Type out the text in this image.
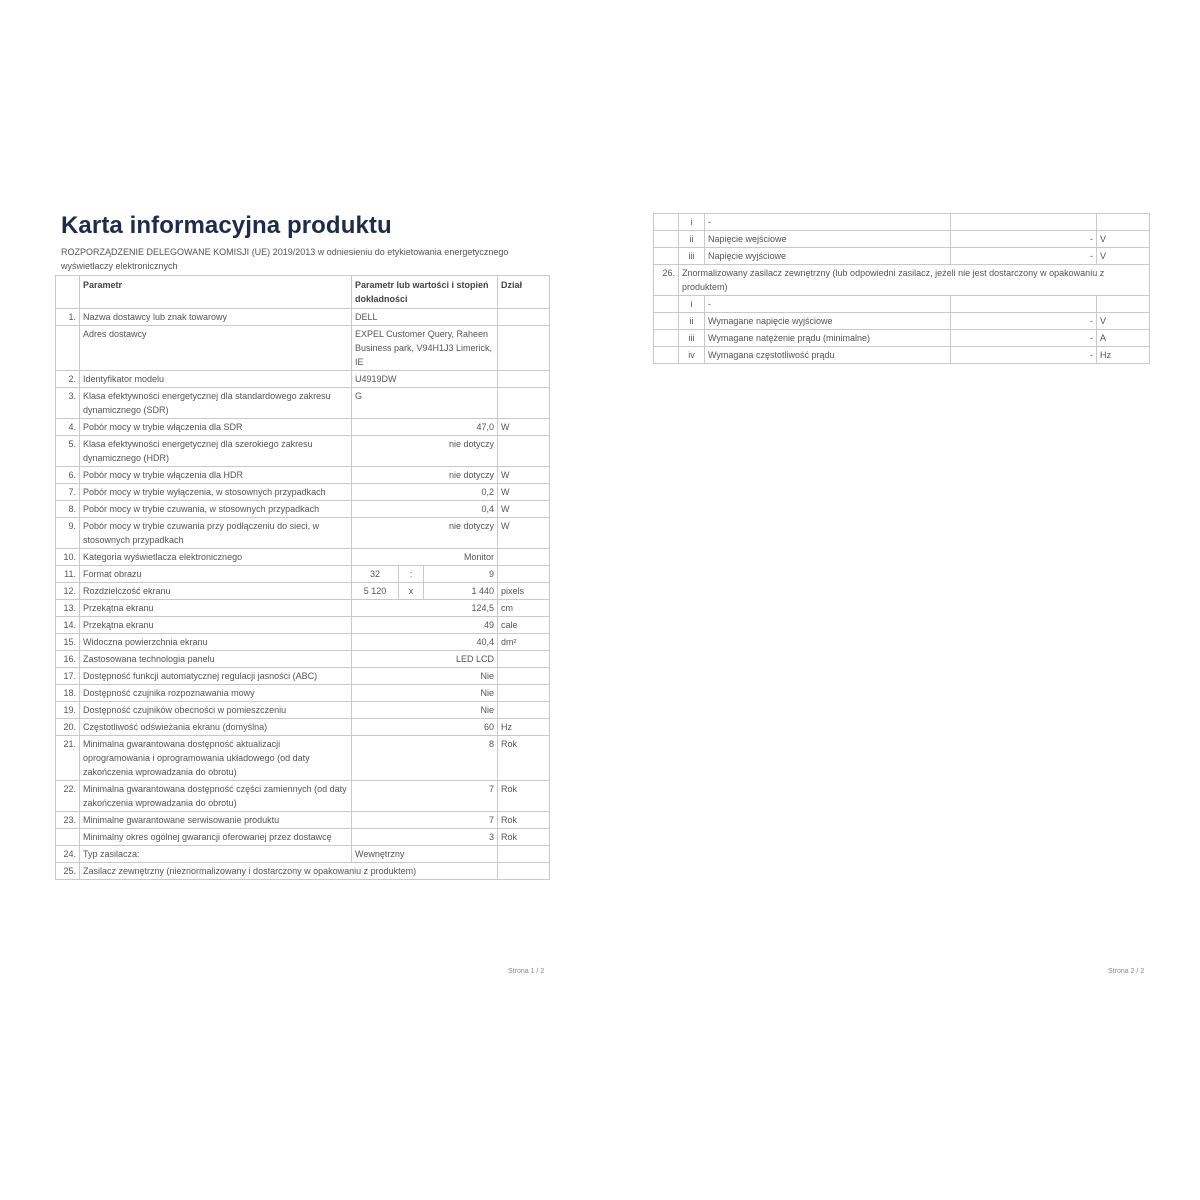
Karta informacyjna produktu
ROZPORZĄDZENIE DELEGOWANE KOMISJI (UE) 2019/2013 w odniesieniu do etykietowania energetycznego wyświetlaczy elektronicznych
	Parametr	Parametr lub wartości i stopień dokładności			Dział
1.	Nazwa dostawcy lub znak towarowy	DELL			
	Adres dostawcy	EXPEL Customer Query, Raheen Business park, V94H1J3 Limerick, IE			
2.	Identyfikator modelu	U4919DW			
3.	Klasa efektywności energetycznej dla standardowego zakresu dynamicznego (SDR)	G			
4.	Pobór mocy w trybie włączenia dla SDR	47,0			W
5.	Klasa efektywności energetycznej dla szerokiego zakresu dynamicznego (HDR)	nie dotyczy			
6.	Pobór mocy w trybie włączenia dla HDR	nie dotyczy			W
7.	Pobór mocy w trybie wyłączenia, w stosownych przypadkach	0,2			W
8.	Pobór mocy w trybie czuwania, w stosownych przypadkach	0,4			W
9.	Pobór mocy w trybie czuwania przy podłączeniu do sieci, w stosownych przypadkach	nie dotyczy			W
10.	Kategoria wyświetlacza elektronicznego	Monitor			
11.	Format obrazu	32	:	9	
12.	Rozdzielczość ekranu	5 120	x	1 440	pixels
13.	Przekątna ekranu	124,5			cm
14.	Przekątna ekranu	49			cale
15.	Widoczna powierzchnia ekranu	40,4			dm²
16.	Zastosowana technologia panelu	LED LCD			
17.	Dostępność funkcji automatycznej regulacji jasności (ABC)	Nie			
18.	Dostępność czujnika rozpoznawania mowy	Nie			
19.	Dostępność czujników obecności w pomieszczeniu	Nie			
20.	Częstotliwość odświeżania ekranu (domyślna)	60			Hz
21.	Minimalna gwarantowana dostępność aktualizacji oprogramowania i oprogramowania układowego (od daty zakończenia wprowadzania do obrotu)	8			Rok
22.	Minimalna gwarantowana dostępność części zamiennych (od daty zakończenia wprowadzania do obrotu)	7			Rok
23.	Minimalne gwarantowane serwisowanie produktu	7			Rok
	Minimalny okres ogólnej gwarancji oferowanej przez dostawcę	3			Rok
24.	Typ zasilacza:	Wewnętrzny			
25.	Zasilacz zewnętrzny (nieznormalizowany i dostarczony w opakowaniu z produktem)				
Strona 1 / 2
	i	-		
	ii	Napięcie wejściowe	-	V
	iii	Napięcie wyjściowe	-	V
26.	Znormalizowany zasilacz zewnętrzny (lub odpowiedni zasilacz, jeżeli nie jest dostarczony w opakowaniu z produktem)			
	i	-		
	ii	Wymagane napięcie wyjściowe	-	V
	iii	Wymagane natężenie prądu (minimalne)	-	A
	iv	Wymagana częstotliwość prądu	-	Hz
Strona 2 / 2
